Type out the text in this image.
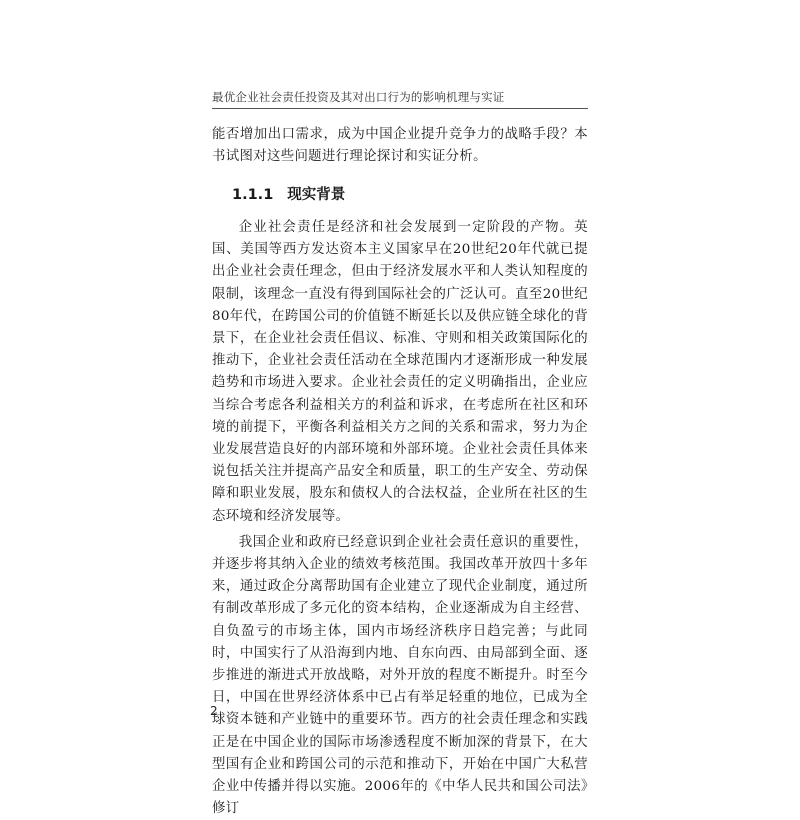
最优企业社会责任投资及其对出口行为的影响机理与实证

能否增加出口需求，成为中国企业提升竞争力的战略手段？本书试图对这些问题进行理论探讨和实证分析。

1.1.1 现实背景

企业社会责任是经济和社会发展到一定阶段的产物。英国、美国等西方发达资本主义国家早在20世纪20年代就已提出企业社会责任理念，但由于经济发展水平和人类认知程度的限制，该理念一直没有得到国际社会的广泛认可。直至20世纪80年代，在跨国公司的价值链不断延长以及供应链全球化的背景下，在企业社会责任倡议、标准、守则和相关政策国际化的推动下，企业社会责任活动在全球范围内才逐渐形成一种发展趋势和市场进入要求。企业社会责任的定义明确指出，企业应当综合考虑各利益相关方的利益和诉求，在考虑所在社区和环境的前提下，平衡各利益相关方之间的关系和需求，努力为企业发展营造良好的内部环境和外部环境。企业社会责任具体来说包括关注并提高产品安全和质量，职工的生产安全、劳动保障和职业发展，股东和债权人的合法权益，企业所在社区的生态环境和经济发展等。

我国企业和政府已经意识到企业社会责任意识的重要性，并逐步将其纳入企业的绩效考核范围。我国改革开放四十多年来，通过政企分离帮助国有企业建立了现代企业制度，通过所有制改革形成了多元化的资本结构，企业逐渐成为自主经营、自负盈亏的市场主体，国内市场经济秩序日趋完善；与此同时，中国实行了从沿海到内地、自东向西、由局部到全面、逐步推进的渐进式开放战略，对外开放的程度不断提升。时至今日，中国在世界经济体系中已占有举足轻重的地位，已成为全球资本链和产业链中的重要环节。西方的社会责任理念和实践正是在中国企业的国际市场渗透程度不断加深的背景下，在大型国有企业和跨国公司的示范和推动下，开始在中国广大私营企业中传播并得以实施。2006年的《中华人民共和国公司法》修订

2
